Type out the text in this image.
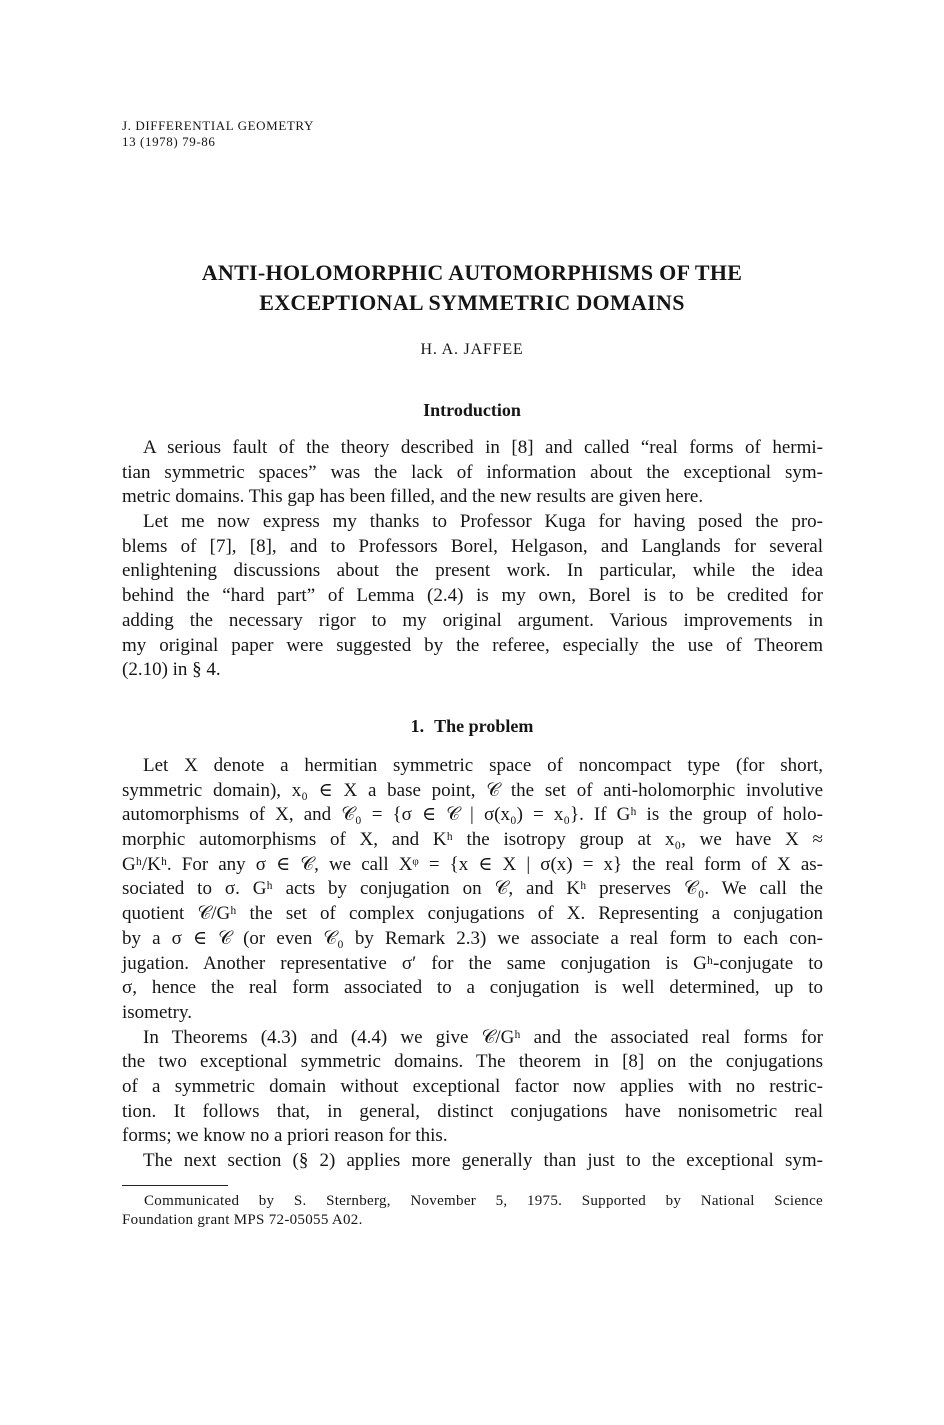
J. DIFFERENTIAL GEOMETRY
13 (1978) 79-86
ANTI-HOLOMORPHIC AUTOMORPHISMS OF THE
EXCEPTIONAL SYMMETRIC DOMAINS
H. A. JAFFEE
Introduction
A serious fault of the theory described in [8] and called “real forms of hermi-
tian symmetric spaces” was the lack of information about the exceptional sym-
metric domains. This gap has been filled, and the new results are given here.
Let me now express my thanks to Professor Kuga for having posed the pro-
blems of [7], [8], and to Professors Borel, Helgason, and Langlands for several
enlightening discussions about the present work. In particular, while the idea
behind the “hard part” of Lemma (2.4) is my own, Borel is to be credited for
adding the necessary rigor to my original argument. Various improvements in
my original paper were suggested by the referee, especially the use of Theorem
(2.10) in § 4.
1. The problem
Let X denote a hermitian symmetric space of noncompact type (for short,
symmetric domain), x₀ ∈ X a base point, 𝒞 the set of anti-holomorphic involutive
automorphisms of X, and 𝒞₀ = {σ ∈ 𝒞 | σ(x₀) = x₀}. If Gʰ is the group of holo-
morphic automorphisms of X, and Kʰ the isotropy group at x₀, we have X ≈
Gʰ/Kʰ. For any σ ∈ 𝒞, we call Xᵠ = {x ∈ X | σ(x) = x} the real form of X as-
sociated to σ. Gʰ acts by conjugation on 𝒞, and Kʰ preserves 𝒞₀. We call the
quotient 𝒞/Gʰ the set of complex conjugations of X. Representing a conjugation
by a σ ∈ 𝒞 (or even 𝒞₀ by Remark 2.3) we associate a real form to each con-
jugation. Another representative σ′ for the same conjugation is Gʰ-conjugate to
σ, hence the real form associated to a conjugation is well determined, up to
isometry.
In Theorems (4.3) and (4.4) we give 𝒞/Gʰ and the associated real forms for
the two exceptional symmetric domains. The theorem in [8] on the conjugations
of a symmetric domain without exceptional factor now applies with no restric-
tion. It follows that, in general, distinct conjugations have nonisometric real
forms; we know no a priori reason for this.
The next section (§ 2) applies more generally than just to the exceptional sym-
Communicated by S. Sternberg, November 5, 1975. Supported by National Science
Foundation grant MPS 72-05055 A02.
